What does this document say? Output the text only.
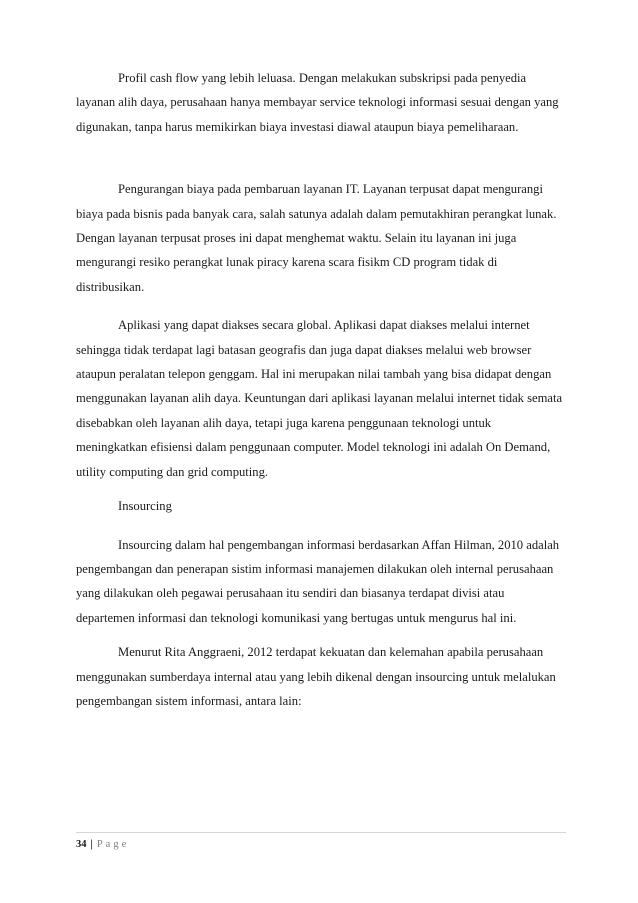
Profil cash flow yang lebih leluasa. Dengan melakukan subskripsi pada penyedia layanan alih daya, perusahaan hanya membayar service teknologi informasi sesuai dengan yang digunakan, tanpa harus memikirkan biaya investasi diawal ataupun biaya pemeliharaan.

Pengurangan biaya pada pembaruan layanan IT. Layanan terpusat dapat mengurangi biaya pada bisnis pada banyak cara, salah satunya adalah dalam pemutakhiran perangkat lunak. Dengan layanan terpusat proses ini dapat menghemat waktu. Selain itu layanan ini juga mengurangi resiko perangkat lunak piracy karena scara fisikm CD program tidak di distribusikan.

Aplikasi yang dapat diakses secara global. Aplikasi dapat diakses melalui internet sehingga tidak terdapat lagi batasan geografis dan juga dapat diakses melalui web browser ataupun peralatan telepon genggam. Hal ini merupakan nilai tambah yang bisa didapat dengan menggunakan layanan alih daya. Keuntungan dari aplikasi layanan melalui internet tidak semata disebabkan oleh layanan alih daya, tetapi juga karena penggunaan teknologi untuk meningkatkan efisiensi dalam penggunaan computer. Model teknologi ini adalah On Demand, utility computing dan grid computing.

Insourcing

Insourcing dalam hal pengembangan informasi berdasarkan Affan Hilman, 2010 adalah pengembangan dan penerapan sistim informasi manajemen dilakukan oleh internal perusahaan yang dilakukan oleh pegawai perusahaan itu sendiri dan biasanya terdapat divisi atau departemen informasi dan teknologi komunikasi yang bertugas untuk mengurus hal ini.

Menurut Rita Anggraeni, 2012 terdapat kekuatan dan kelemahan apabila perusahaan menggunakan sumberdaya internal atau yang lebih dikenal dengan insourcing untuk melalukan pengembangan sistem informasi, antara lain:

34 | Page
